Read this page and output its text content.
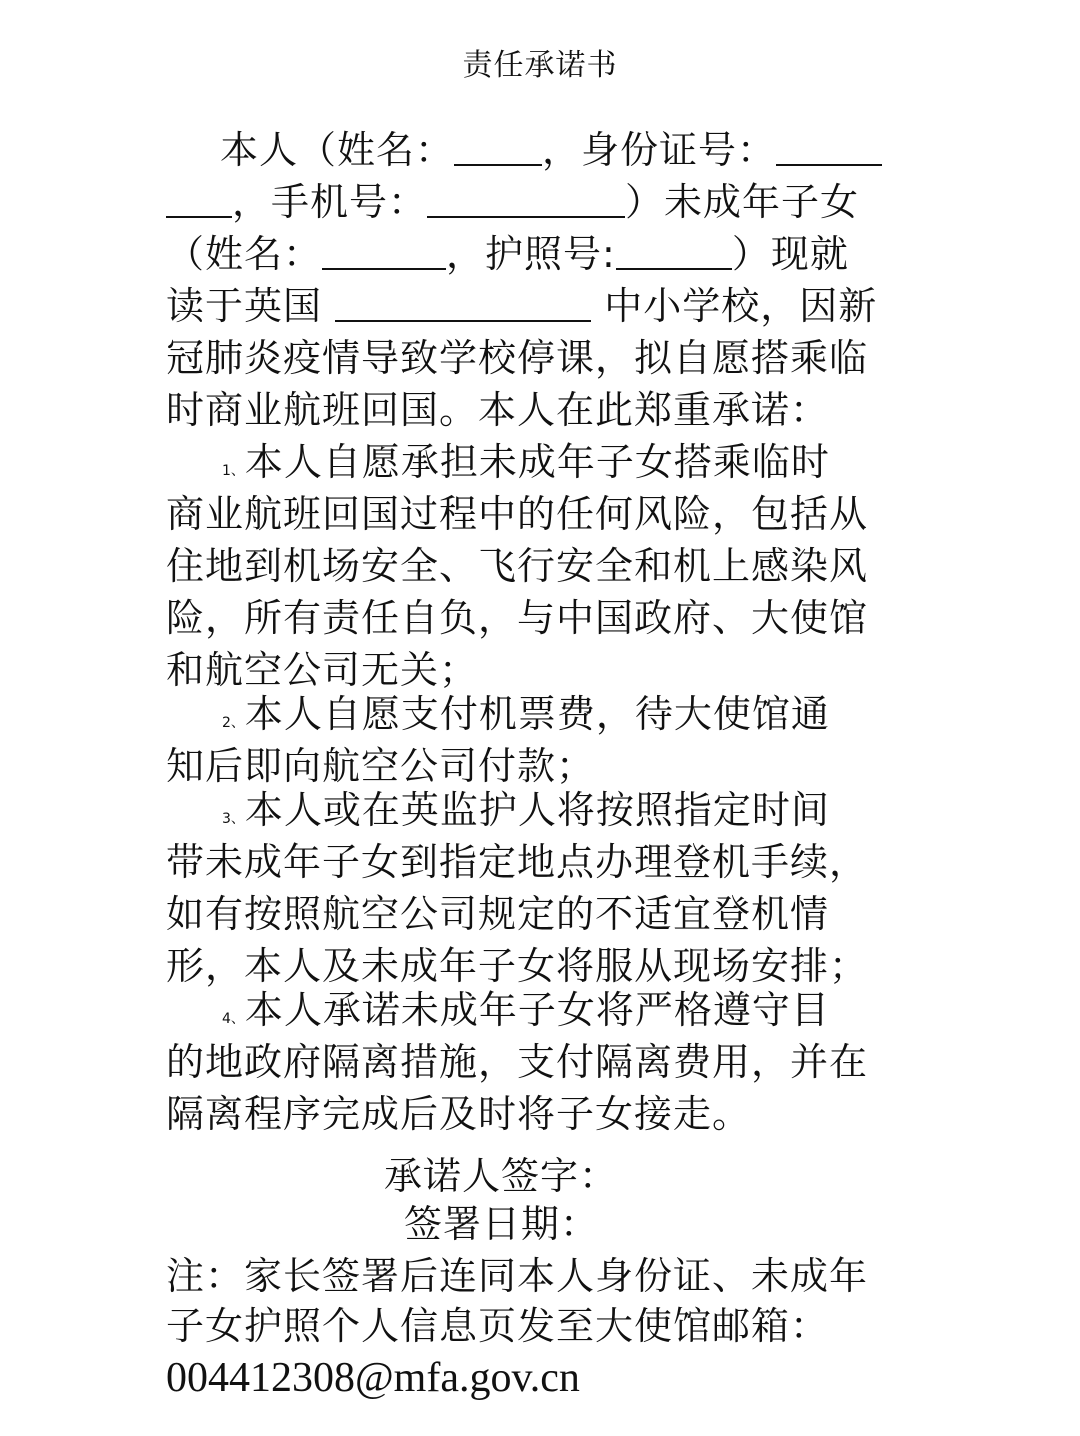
责任承诺书
本人（姓名： ，身份证号：
，手机号：	）未成年子女
（姓名：	，护照号:	）现就
读于英国	中小学校，因新
冠肺炎疫情导致学校停课，拟自愿搭乘临
时商业航班回国。本人在此郑重承诺：
1、本人自愿承担未成年子女搭乘临时
商业航班回国过程中的任何风险，包括从
住地到机场安全、飞行安全和机上感染风
险，所有责任自负，与中国政府、大使馆
和航空公司无关；
2、本人自愿支付机票费，待大使馆通
知后即向航空公司付款；
3、本人或在英监护人将按照指定时间
带未成年子女到指定地点办理登机手续，
如有按照航空公司规定的不适宜登机情
形，本人及未成年子女将服从现场安排；
4、本人承诺未成年子女将严格遵守目
的地政府隔离措施，支付隔离费用，并在
隔离程序完成后及时将子女接走。
承诺人签字：
签署日期：
注：家长签署后连同本人身份证、未成年
子女护照个人信息页发至大使馆邮箱：
004412308@mfa.gov.cn
